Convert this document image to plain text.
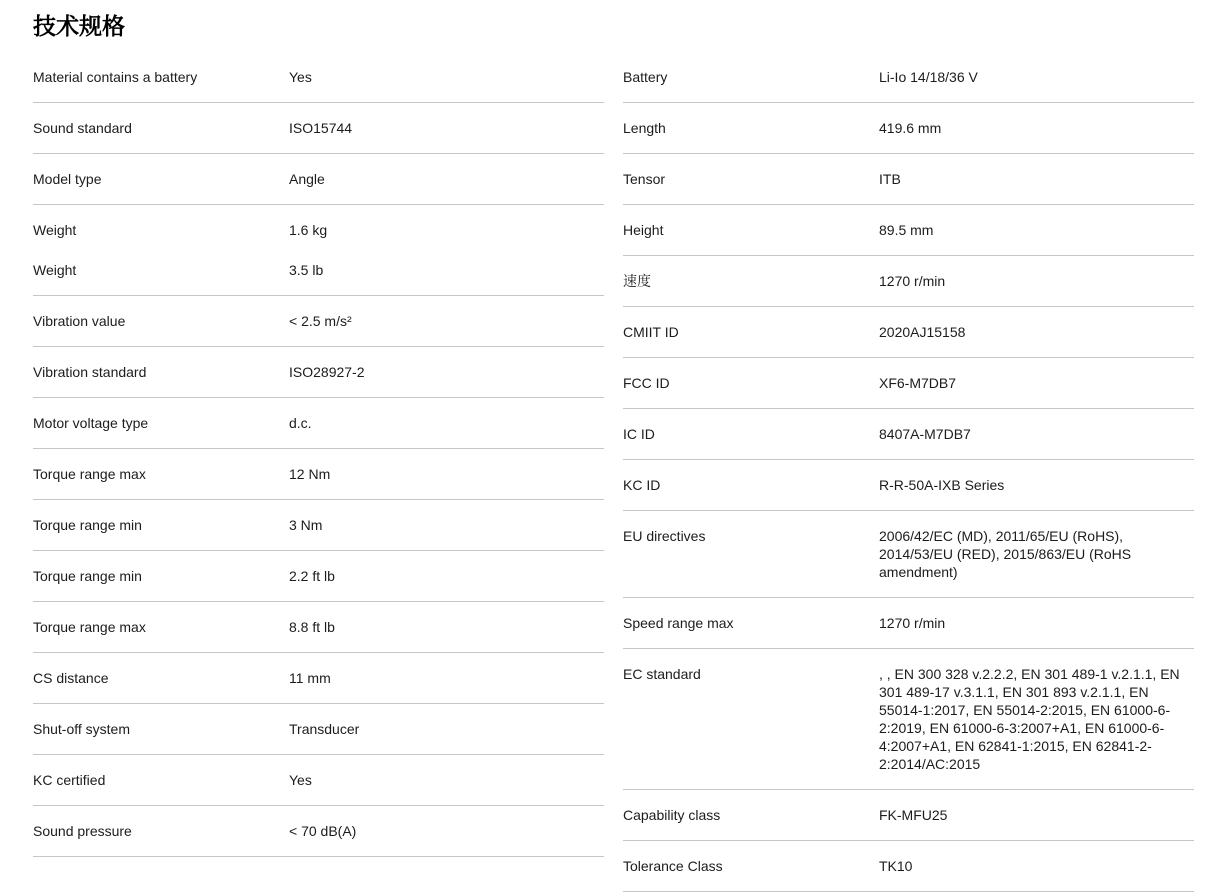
技术规格
Material contains a battery	Yes
Sound standard	ISO15744
Model type	Angle
Weight	1.6 kg
Weight	3.5 lb
Vibration value	< 2.5 m/s²
Vibration standard	ISO28927-2
Motor voltage type	d.c.
Torque range max	12 Nm
Torque range min	3 Nm
Torque range min	2.2 ft lb
Torque range max	8.8 ft lb
CS distance	11 mm
Shut-off system	Transducer
KC certified	Yes
Sound pressure	< 70 dB(A)
Battery	Li-Io 14/18/36 V
Length	419.6 mm
Tensor	ITB
Height	89.5 mm
速度	1270 r/min
CMIIT ID	2020AJ15158
FCC ID	XF6-M7DB7
IC ID	8407A-M7DB7
KC ID	R-R-50A-IXB Series
EU directives	2006/42/EC (MD), 2011/65/EU (RoHS), 2014/53/EU (RED), 2015/863/EU (RoHS amendment)
Speed range max	1270 r/min
EC standard	, , EN 300 328 v.2.2.2, EN 301 489-1 v.2.1.1, EN 301 489-17 v.3.1.1, EN 301 893 v.2.1.1, EN 55014-1:2017, EN 55014-2:2015, EN 61000-6-2:2019, EN 61000-6-3:2007+A1, EN 61000-6-4:2007+A1, EN 62841-1:2015, EN 62841-2-2:2014/AC:2015
Capability class	FK-MFU25
Tolerance Class	TK10
